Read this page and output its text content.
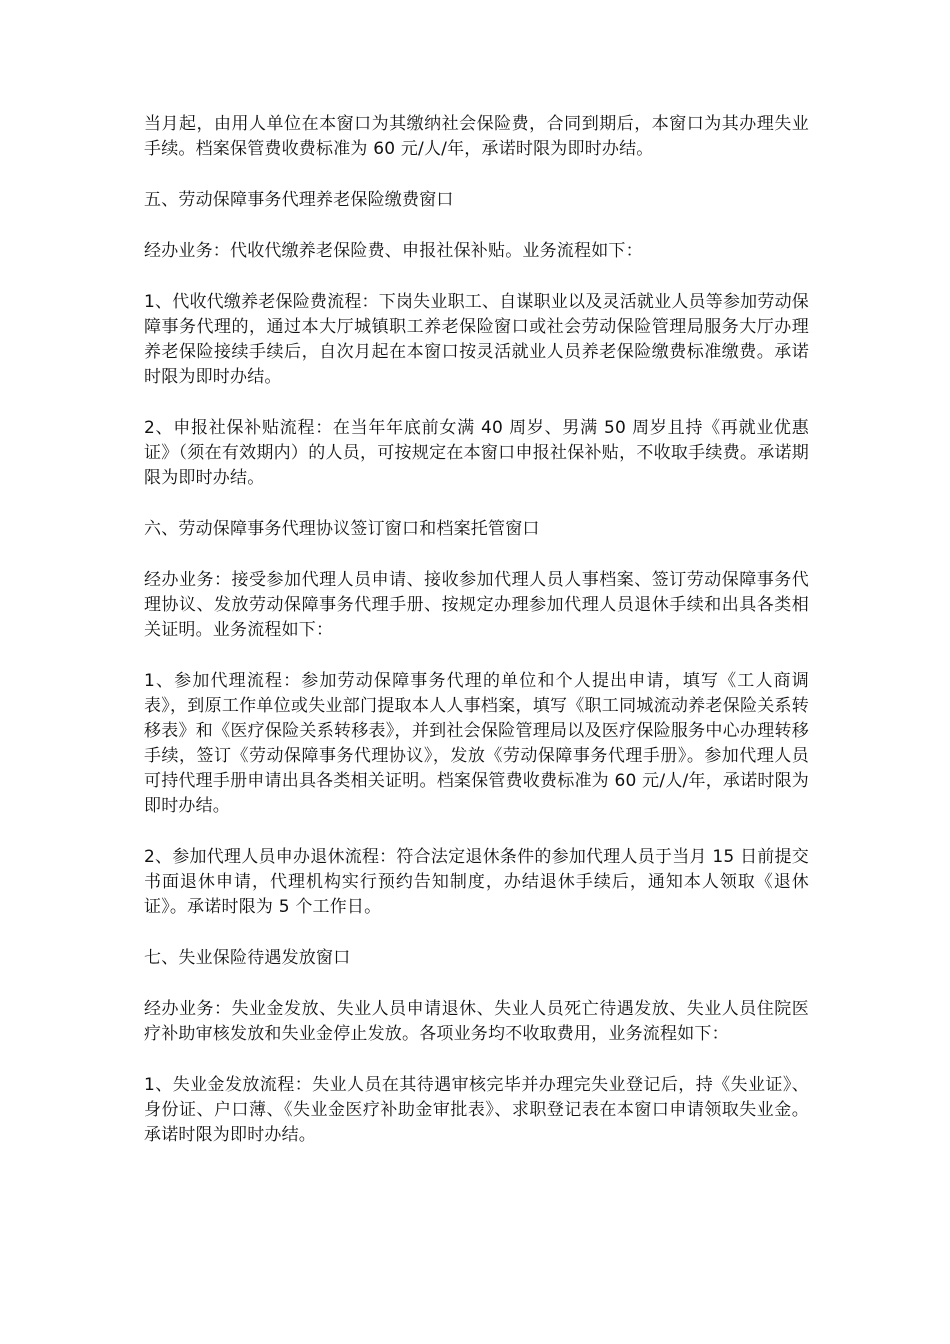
当月起，由用人单位在本窗口为其缴纳社会保险费，合同到期后，本窗口为其办理失业手续。档案保管费收费标准为 60 元/人/年，承诺时限为即时办结。

五、劳动保障事务代理养老保险缴费窗口

经办业务：代收代缴养老保险费、申报社保补贴。业务流程如下：

1、代收代缴养老保险费流程：下岗失业职工、自谋职业以及灵活就业人员等参加劳动保障事务代理的，通过本大厅城镇职工养老保险窗口或社会劳动保险管理局服务大厅办理养老保险接续手续后，自次月起在本窗口按灵活就业人员养老保险缴费标准缴费。承诺时限为即时办结。

2、申报社保补贴流程：在当年年底前女满 40 周岁、男满 50 周岁且持《再就业优惠证》（须在有效期内）的人员，可按规定在本窗口申报社保补贴，不收取手续费。承诺期限为即时办结。

六、劳动保障事务代理协议签订窗口和档案托管窗口

经办业务：接受参加代理人员申请、接收参加代理人员人事档案、签订劳动保障事务代理协议、发放劳动保障事务代理手册、按规定办理参加代理人员退休手续和出具各类相关证明。业务流程如下：

1、参加代理流程：参加劳动保障事务代理的单位和个人提出申请，填写《工人商调表》，到原工作单位或失业部门提取本人人事档案，填写《职工同城流动养老保险关系转移表》和《医疗保险关系转移表》，并到社会保险管理局以及医疗保险服务中心办理转移手续，签订《劳动保障事务代理协议》，发放《劳动保障事务代理手册》。参加代理人员可持代理手册申请出具各类相关证明。档案保管费收费标准为 60 元/人/年，承诺时限为即时办结。

2、参加代理人员申办退休流程：符合法定退休条件的参加代理人员于当月 15 日前提交书面退休申请，代理机构实行预约告知制度，办结退休手续后，通知本人领取《退休证》。承诺时限为 5 个工作日。

七、失业保险待遇发放窗口

经办业务：失业金发放、失业人员申请退休、失业人员死亡待遇发放、失业人员住院医疗补助审核发放和失业金停止发放。各项业务均不收取费用，业务流程如下：

1、失业金发放流程：失业人员在其待遇审核完毕并办理完失业登记后，持《失业证》、身份证、户口薄、《失业金医疗补助金审批表》、求职登记表在本窗口申请领取失业金。承诺时限为即时办结。
